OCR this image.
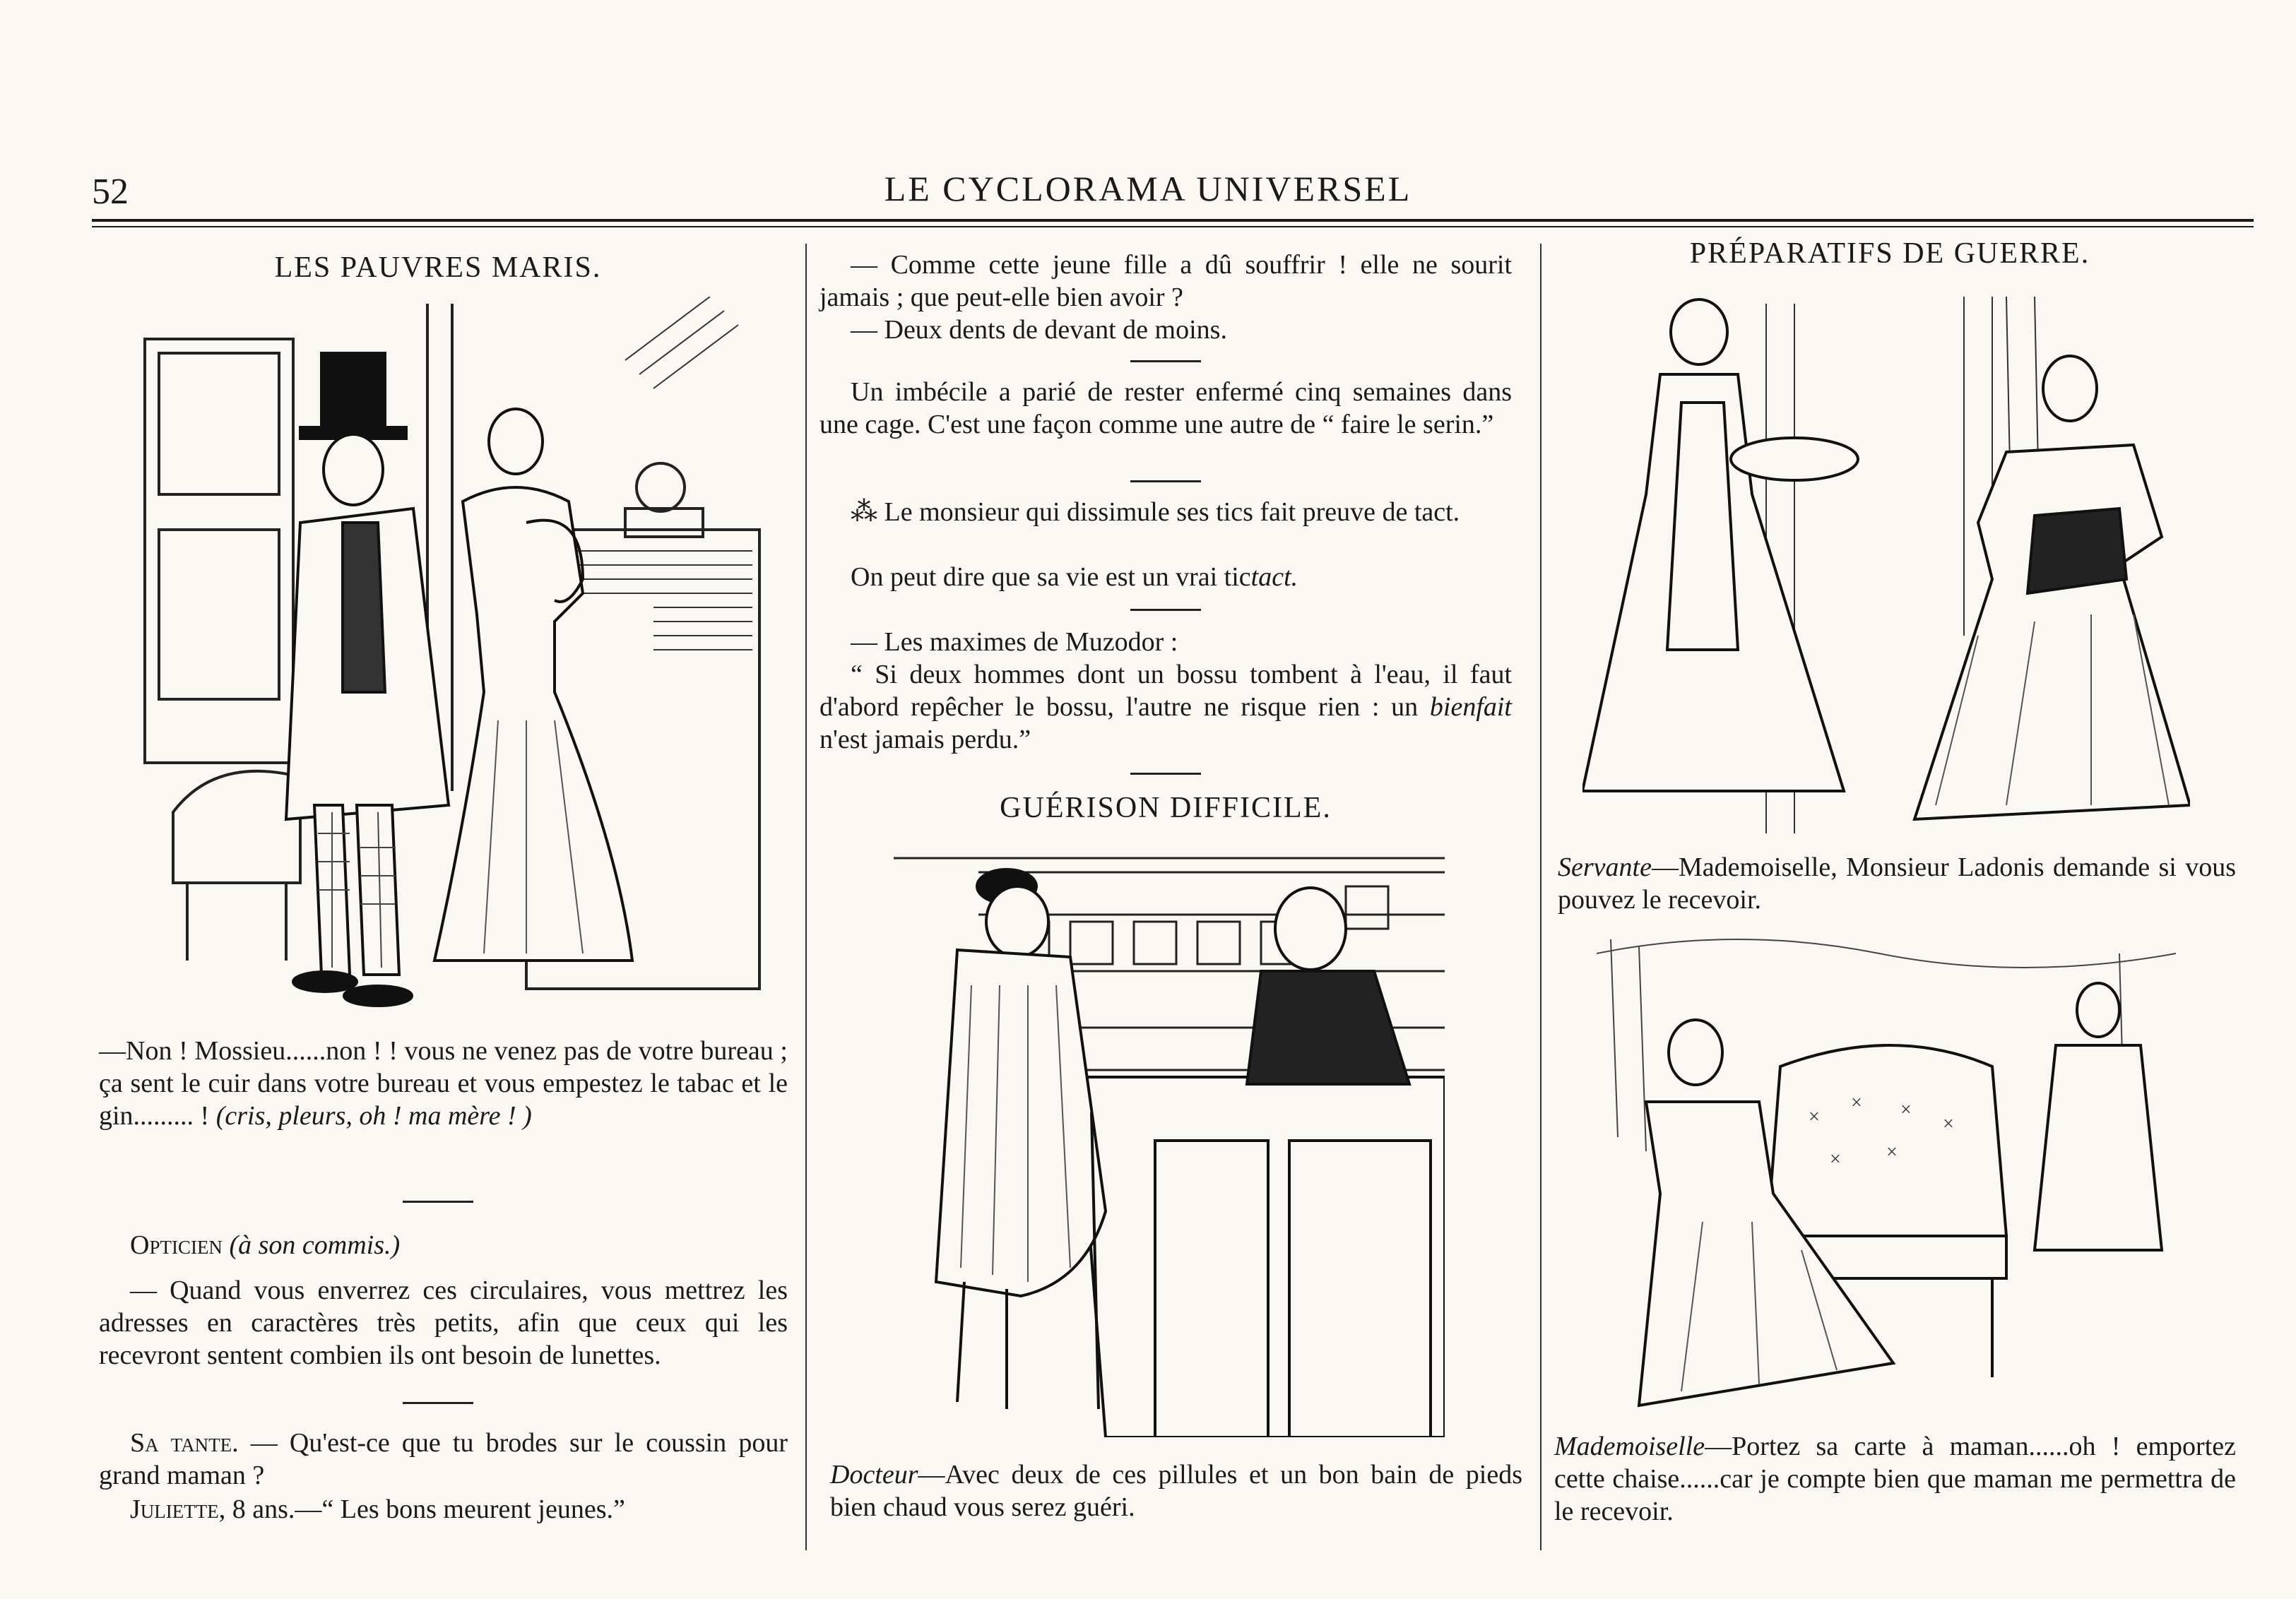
52	LE CYCLORAMA UNIVERSEL
LES PAUVRES MARIS.

—Non ! Mossieu......non ! ! vous ne venez pas de votre bureau ; ça sent le cuir dans votre bureau et vous empestez le tabac et le gin......... ! (cris, pleurs, oh ! ma mère ! )

Opticien (à son commis.)

— Quand vous enverrez ces circulaires, vous mettrez les adresses en caractères très petits, afin que ceux qui les recevront sentent combien ils ont besoin de lunettes.

Sa tante. — Qu'est-ce que tu brodes sur le coussin pour grand maman ?

Juliette, 8 ans.—“ Les bons meurent jeunes.”

— Comme cette jeune fille a dû souffrir ! elle ne sourit jamais ; que peut-elle bien avoir ?

— Deux dents de devant de moins.

Un imbécile a parié de rester enfermé cinq semaines dans une cage. C'est une façon comme une autre de “ faire le serin.”

⁂ Le monsieur qui dissimule ses tics fait preuve de tact.

On peut dire que sa vie est un vrai tictact.

— Les maximes de Muzodor :

“ Si deux hommes dont un bossu tombent à l'eau, il faut d'abord repêcher le bossu, l'autre ne risque rien : un bienfait n'est jamais perdu.”

GUÉRISON DIFFICILE.

Docteur—Avec deux de ces pillules et un bon bain de pieds bien chaud vous serez guéri.

PRÉPARATIFS DE GUERRE.

Servante—Mademoiselle, Monsieur Ladonis demande si vous pouvez le recevoir.

×
× ×
×
× ×

Mademoiselle—Portez sa carte à maman......oh ! emportez cette chaise......car je compte bien que maman me permettra de le recevoir.
